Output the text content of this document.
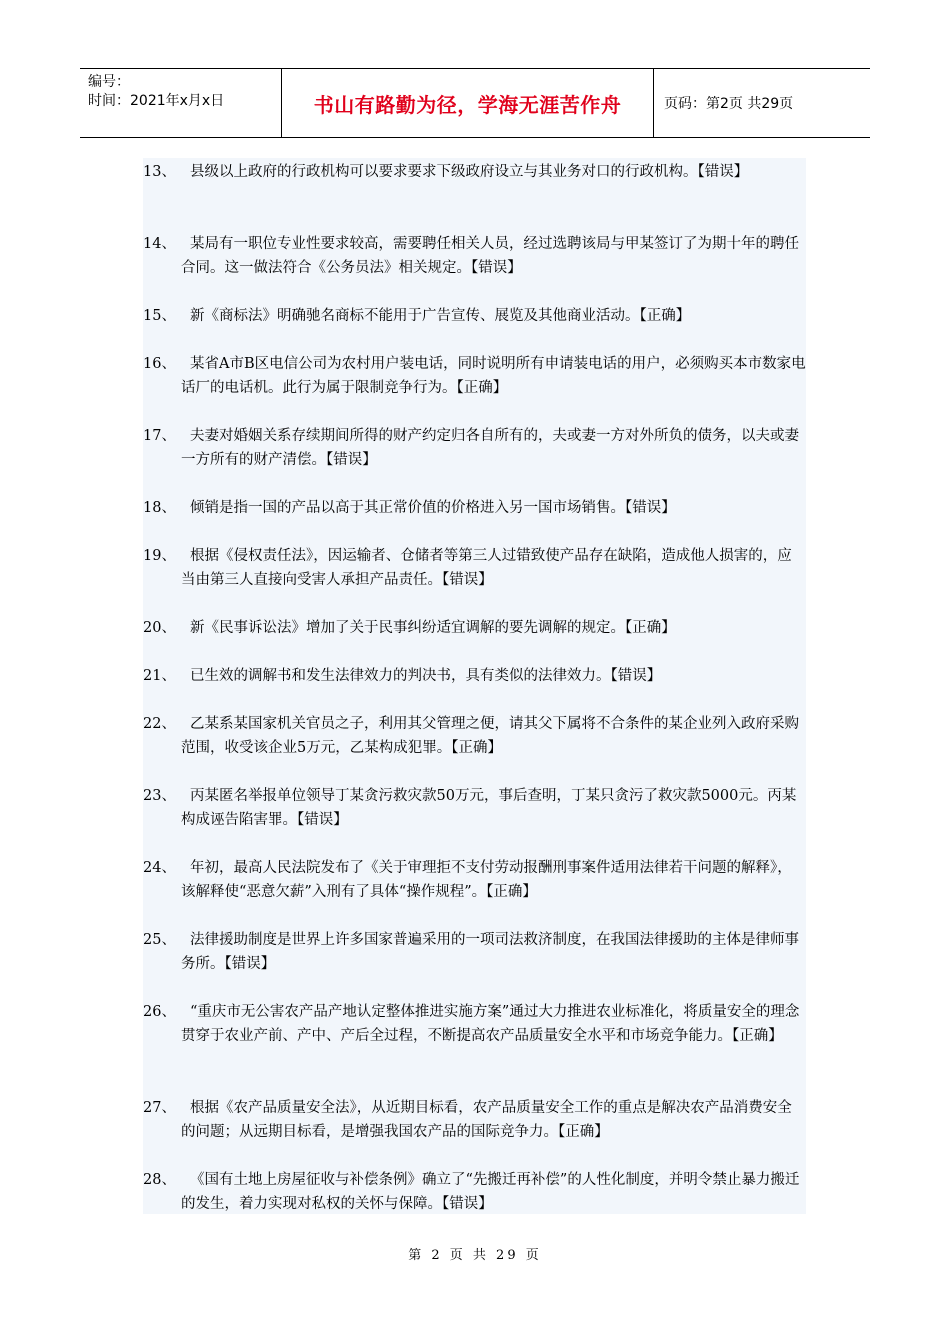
编号：
时间：2021年x月x日	书山有路勤为径，学海无涯苦作舟	页码：第2页 共29页
13、 县级以上政府的行政机构可以要求要求下级政府设立与其业务对口的行政机构。【错误】
14、 某局有一职位专业性要求较高，需要聘任相关人员，经过选聘该局与甲某签订了为期十年的聘任合同。这一做法符合《公务员法》相关规定。【错误】
15、 新《商标法》明确驰名商标不能用于广告宣传、展览及其他商业活动。【正确】
16、 某省A市B区电信公司为农村用户装电话，同时说明所有申请装电话的用户，必须购买本市数家电话厂的电话机。此行为属于限制竞争行为。【正确】
17、 夫妻对婚姻关系存续期间所得的财产约定归各自所有的，夫或妻一方对外所负的债务，以夫或妻一方所有的财产清偿。【错误】
18、 倾销是指一国的产品以高于其正常价值的价格进入另一国市场销售。【错误】
19、 根据《侵权责任法》，因运输者、仓储者等第三人过错致使产品存在缺陷，造成他人损害的，应当由第三人直接向受害人承担产品责任。【错误】
20、 新《民事诉讼法》增加了关于民事纠纷适宜调解的要先调解的规定。【正确】
21、 已生效的调解书和发生法律效力的判决书，具有类似的法律效力。【错误】
22、 乙某系某国家机关官员之子，利用其父管理之便，请其父下属将不合条件的某企业列入政府采购范围，收受该企业5万元，乙某构成犯罪。【正确】
23、 丙某匿名举报单位领导丁某贪污救灾款50万元，事后查明，丁某只贪污了救灾款5000元。丙某构成诬告陷害罪。【错误】
24、 年初，最高人民法院发布了《关于审理拒不支付劳动报酬刑事案件适用法律若干问题的解释》，该解释使“恶意欠薪”入刑有了具体“操作规程”。【正确】
25、 法律援助制度是世界上许多国家普遍采用的一项司法救济制度，在我国法律援助的主体是律师事务所。【错误】
26、 “重庆市无公害农产品产地认定整体推进实施方案”通过大力推进农业标准化，将质量安全的理念贯穿于农业产前、产中、产后全过程，不断提高农产品质量安全水平和市场竞争能力。【正确】
27、 根据《农产品质量安全法》，从近期目标看，农产品质量安全工作的重点是解决农产品消费安全的问题；从远期目标看，是增强我国农产品的国际竞争力。【正确】
28、 《国有土地上房屋征收与补偿条例》确立了“先搬迁再补偿”的人性化制度，并明令禁止暴力搬迁的发生，着力实现对私权的关怀与保障。【错误】
第 2 页 共 29 页
